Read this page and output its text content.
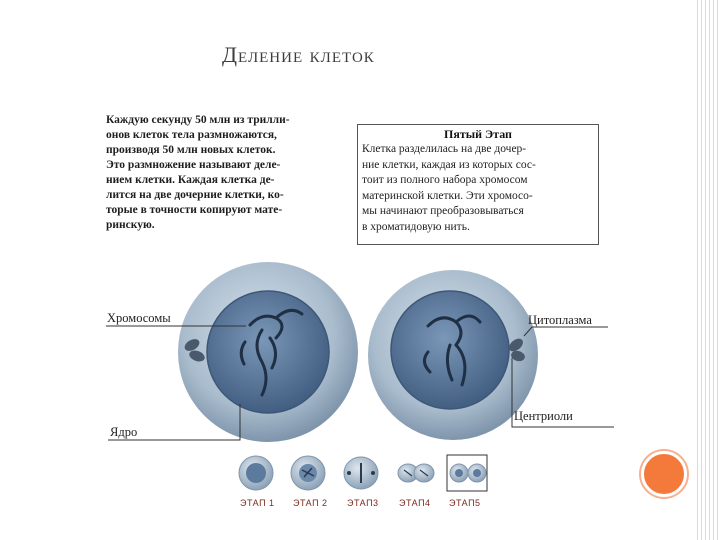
Деление клеток
Каждую секунду 50 млн из трилли-
онов клеток тела размножаются,
производя 50 млн новых клеток.
Это размножение называют деле-
нием клетки. Каждая клетка де-
лится на две дочерние клетки, ко-
торые в точности копируют мате-
ринскую.
Пятый Этап
Клетка разделилась на две дочер-
ние клетки, каждая из которых сос-
тоит из полного набора хромосом
материнской клетки. Эти хромосо-
мы начинают преобразовываться
в хроматидовую нить.
Хромосомы	Цитоплазма
Ядро
Центриоли
ЭТАП 1 ЭТАП 2 ЭТАП3 ЭТАП4 ЭТАП5
